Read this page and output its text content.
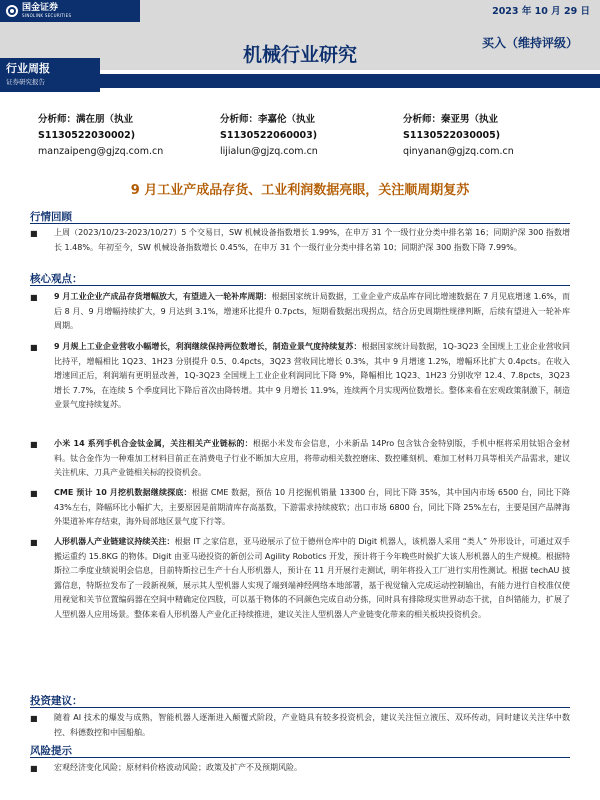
国金证券
SINOLINK SECURITIES	2023 年 10 月 29 日
机械行业研究
买入（维持评级）
行业周报
证券研究报告
分析师：满在朋（执业
S1130522030002)
manzaipeng@gjzq.com.cn
分析师：李嘉伦（执业
S1130522060003)
lijialun@gjzq.com.cn
分析师：秦亚男（执业
S1130522030005)
qinyanan@gjzq.com.cn
9 月工业产成品存货、工业利润数据亮眼，关注顺周期复苏
行情回顾
■	上周（2023/10/23-2023/10/27）5 个交易日，SW 机械设备指数增长 1.99%，在申万 31 个一级行业分类中排名第 16；同期沪深 300 指数增长 1.48%。年初至今，SW 机械设备指数增长 0.45%，在申万 31 个一级行业分类中排名第 10；同期沪深 300 指数下降 7.99%。
核心观点：
■	9 月工业企业产成品存货增幅放大，有望进入一轮补库周期：根据国家统计局数据，工业企业产成品库存同比增速数据在 7 月见底增速 1.6%，而后 8 月、9 月增幅持续扩大，9 月达到 3.1%，增速环比提升 0.7pcts，短期看数据出现拐点，结合历史周期性规律判断，后续有望进入一轮补库周期。
■	9 月规上工业企业营收小幅增长，利润继续保持两位数增长，制造业景气度持续复苏：根据国家统计局数据，1Q-3Q23 全国规上工业企业营收同比持平，增幅相比 1Q23、1H23 分别提升 0.5、0.4pcts，3Q23 营收同比增长 0.3%，其中 9 月增速 1.2%，增幅环比扩大 0.4pcts。在收入增速回正后，利润端有更明显改善，1Q-3Q23 全国规上工业企业利润同比下降 9%，降幅相比 1Q23、1H23 分别收窄 12.4、7.8pcts，3Q23 增长 7.7%，在连续 5 个季度同比下降后首次由降转增。其中 9 月增长 11.9%，连续两个月实现两位数增长。整体来看在宏观政策制激下，制造业景气度持续复苏。
■	小米 14 系列手机合金钛金属，关注相关产业链标的：根据小米发布会信息，小米新品 14Pro 包含钛合金特别版，手机中框将采用钛铝合金材料。钛合金作为一种难加工材料目前正在消费电子行业不断加大应用，将带动相关数控磨床、数控雕刻机、难加工材料刀具等相关产品需求，建议关注机床、刀具产业链相关标的投资机会。
■	CME 预计 10 月挖机数据继续探底：根据 CME 数据，预估 10 月挖掘机销量 13300 台，同比下降 35%，其中国内市场 6500 台，同比下降 43%左右，降幅环比小幅扩大，主要原因是前期清库存高基数，下游需求持续疲软；出口市场 6800 台，同比下降 25%左右，主要是国产品牌海外渠道补库存结束，海外局部地区景气度下行等。
■	人形机器人产业链建议持续关注：根据 IT 之家信息，亚马逊展示了位于德州仓库中的 Digit 机器人，该机器人采用 “类人” 外形设计，可通过双手搬运重约 15.8KG 的物体。Digit 由亚马逊投资的新创公司 Agility Robotics 开发，预计将于今年晚些时候扩大该人形机器人的生产规模。根据特斯拉二季度业绩说明会信息，目前特斯拉已生产十台人形机器人，预计在 11 月开展行走测试，明年将投入工厂进行实用性测试。根据 techAU 披露信息，特斯拉发布了一段新视频，展示其人型机器人实现了端到端神经网络本地部署，基于视觉输入完成运动控制输出，有能力进行自校准仅使用视觉和关节位置编码器在空间中精确定位四肢，可以基于物体的不同颜色完成自动分拣，同时具有排除现实世界动态干扰，自纠错能力，扩展了人型机器人应用场景。整体来看人形机器人产业化正持续推进，建议关注人型机器人产业链变化带来的相关板块投资机会。
投资建议：
■	随着 AI 技术的爆发与成熟，智能机器人逐渐进入颠覆式阶段，产业链具有较多投资机会，建议关注恒立液压、双环传动，同时建议关注华中数控、科德数控和中国船舶。
风险提示
■	宏观经济变化风险；原材料价格波动风险；政策及扩产不及预期风险。
